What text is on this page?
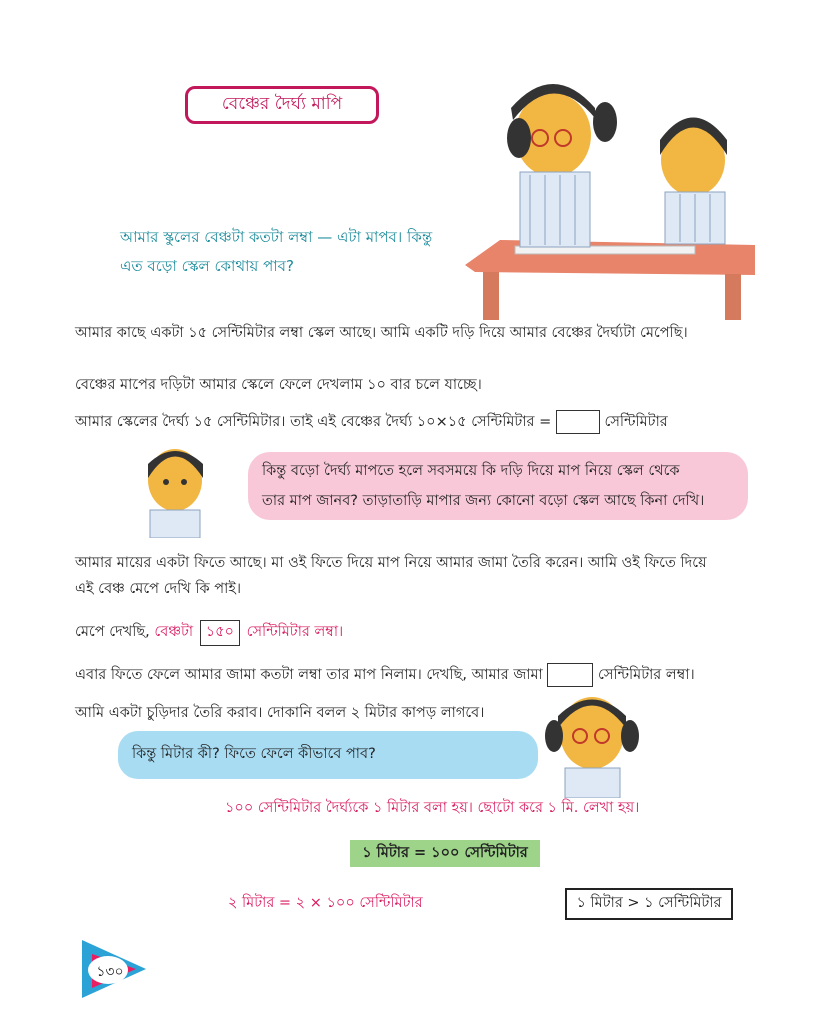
বেঞ্চের দৈর্ঘ্য মাপি
আমার স্কুলের বেঞ্চটা কতটা লম্বা — এটা মাপব। কিন্তু
এত বড়ো স্কেল কোথায় পাব?
আমার কাছে একটা ১৫ সেন্টিমিটার লম্বা স্কেল আছে। আমি একটি দড়ি দিয়ে আমার বেঞ্চের দৈর্ঘ্যটা মেপেছি।
বেঞ্চের মাপের দড়িটা আমার স্কেলে ফেলে দেখলাম ১০ বার চলে যাচ্ছে।
আমার স্কেলের দৈর্ঘ্য ১৫ সেন্টিমিটার। তাই এই বেঞ্চের দৈর্ঘ্য ১০×১৫ সেন্টিমিটার =	সেন্টিমিটার
কিন্তু বড়ো দৈর্ঘ্য মাপতে হলে সবসময়ে কি দড়ি দিয়ে মাপ নিয়ে স্কেল থেকে
তার মাপ জানব? তাড়াতাড়ি মাপার জন্য কোনো বড়ো স্কেল আছে কিনা দেখি।
আমার মায়ের একটা ফিতে আছে। মা ওই ফিতে দিয়ে মাপ নিয়ে আমার জামা তৈরি করেন। আমি ওই ফিতে দিয়ে
এই বেঞ্চ মেপে দেখি কি পাই।
মেপে দেখছি, বেঞ্চটা ১৫০ সেন্টিমিটার লম্বা।
এবার ফিতে ফেলে আমার জামা কতটা লম্বা তার মাপ নিলাম। দেখছি, আমার জামা	সেন্টিমিটার লম্বা।
আমি একটা চুড়িদার তৈরি করাব। দোকানি বলল ২ মিটার কাপড় লাগবে।
কিন্তু মিটার কী? ফিতে ফেলে কীভাবে পাব?
১০০ সেন্টিমিটার দৈর্ঘ্যকে ১ মিটার বলা হয়। ছোটো করে ১ মি. লেখা হয়।
১ মিটার = ১০০ সেন্টিমিটার
২ মিটার = ২ × ১০০ সেন্টিমিটার	১ মিটার > ১ সেন্টিমিটার
১৩০
